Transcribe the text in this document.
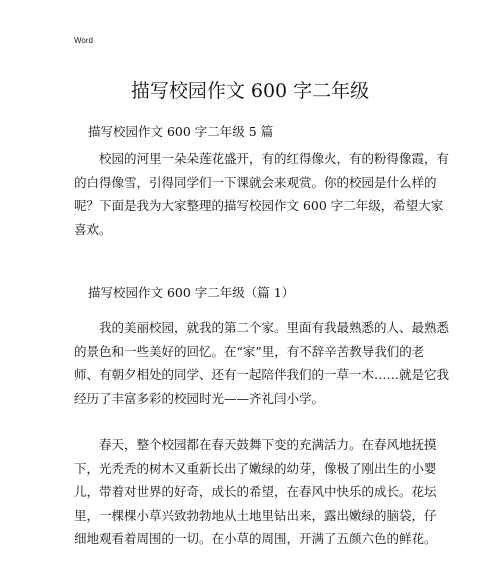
Word
描写校园作文 600 字二年级
描写校园作文 600 字二年级 5 篇
　　校园的河里一朵朵莲花盛开，有的红得像火，有的粉得像霞，有
的白得像雪，引得同学们一下课就会来观赏。你的校园是什么样的
呢？下面是我为大家整理的描写校园作文 600 字二年级，希望大家
喜欢。
描写校园作文 600 字二年级（篇 1）
　　我的美丽校园，就我的第二个家。里面有我最熟悉的人、最熟悉
的景色和一些美好的回忆。在“家”里，有不辞辛苦教导我们的老
师、有朝夕相处的同学、还有一起陪伴我们的一草一木……就是它我
经历了丰富多彩的校园时光——齐礼闫小学。
　　春天，整个校园都在春天鼓舞下变的充满活力。在春风地抚摸
下，光秃秃的树木又重新长出了嫩绿的幼芽，像极了刚出生的小婴
儿，带着对世界的好奇，成长的希望，在春风中快乐的成长。花坛
里，一棵棵小草兴致勃勃地从土地里钻出来，露出嫩绿的脑袋，仔
细地观看着周围的一切。在小草的周围，开满了五颜六色的鲜花。
